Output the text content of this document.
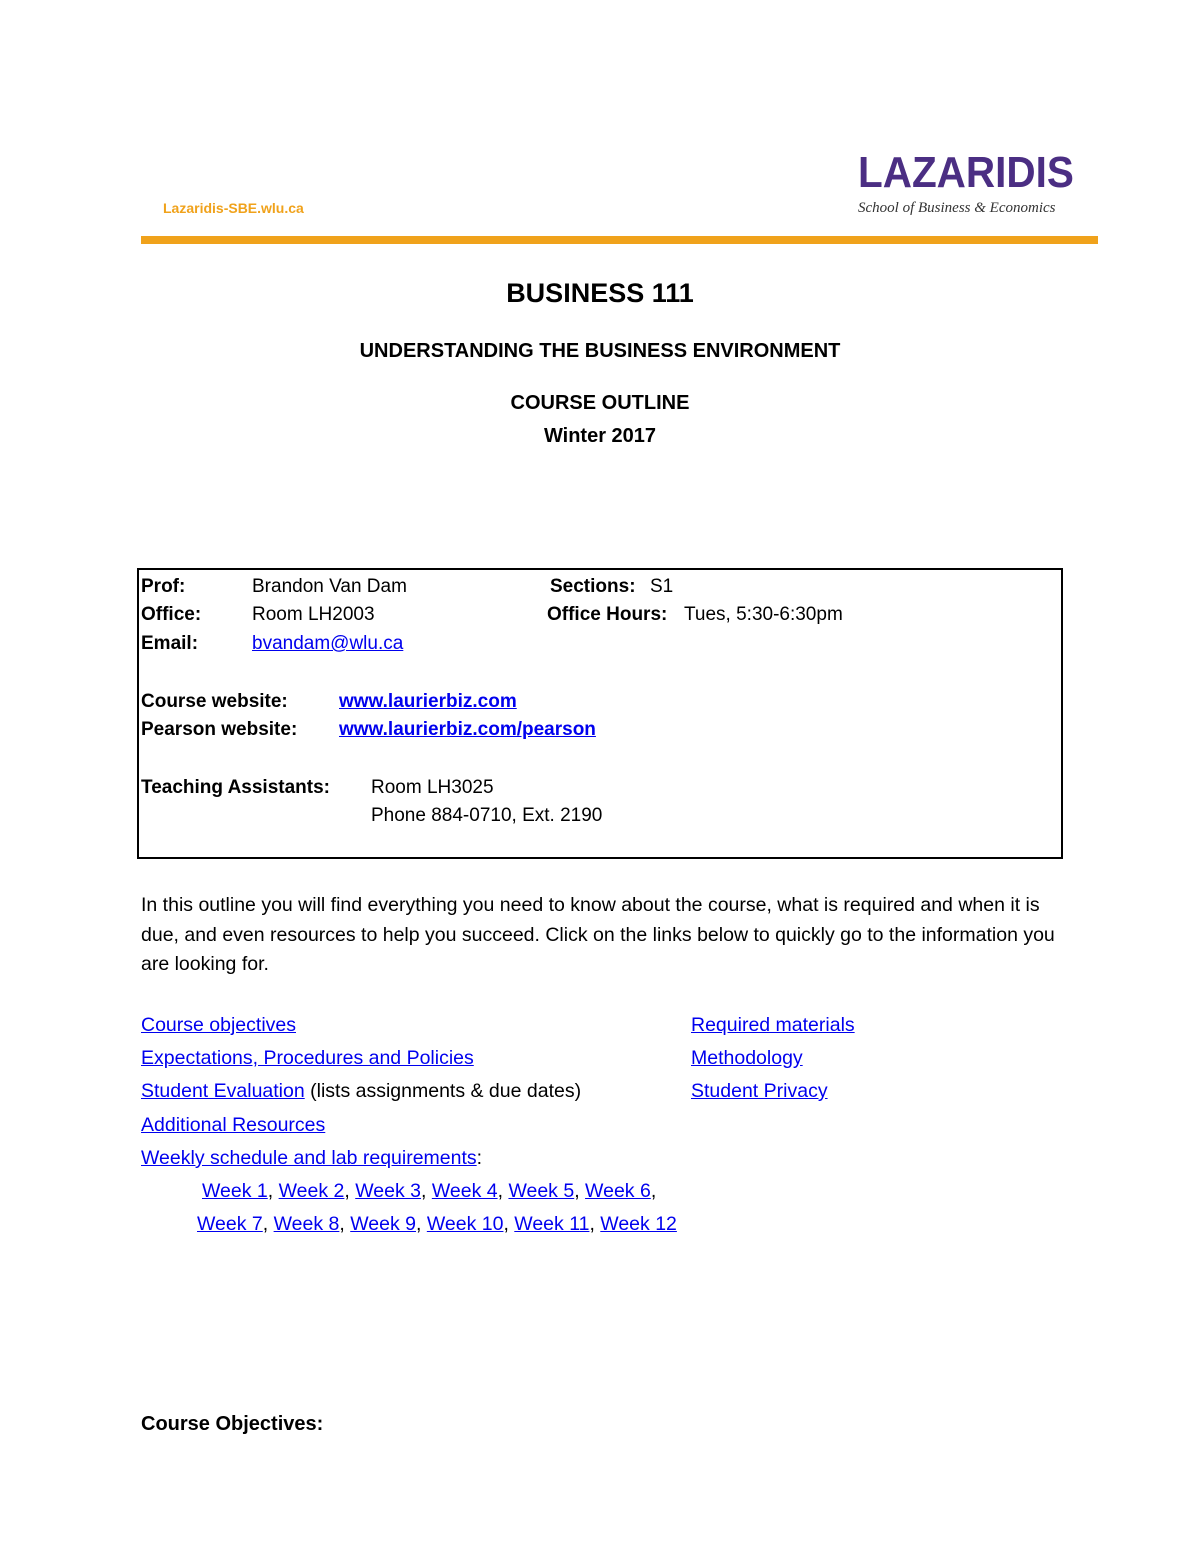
Lazaridis-SBE.wlu.ca
LAZARIDIS
School of Business & Economics
BUSINESS 111
UNDERSTANDING THE BUSINESS ENVIRONMENT
COURSE OUTLINE
Winter 2017
Prof:	Brandon Van Dam	Sections: S1
Office:	Room LH2003	Office Hours: Tues, 5:30-6:30pm
Email:	bvandam@wlu.ca
Course website:	www.laurierbiz.com
Pearson website: www.laurierbiz.com/pearson
Teaching Assistants: Room LH3025
Phone 884-0710, Ext. 2190
In this outline you will find everything you need to know about the course, what is required and when it is due, and even resources to help you succeed. Click on the links below to quickly go to the information you are looking for.
Course objectives
Expectations, Procedures and Policies
Student Evaluation (lists assignments & due dates)
Additional Resources
Weekly schedule and lab requirements:
Required materials
Methodology
Student Privacy
Week 1, Week 2, Week 3, Week 4, Week 5, Week 6,
Week 7, Week 8, Week 9, Week 10, Week 11, Week 12
Course Objectives:
